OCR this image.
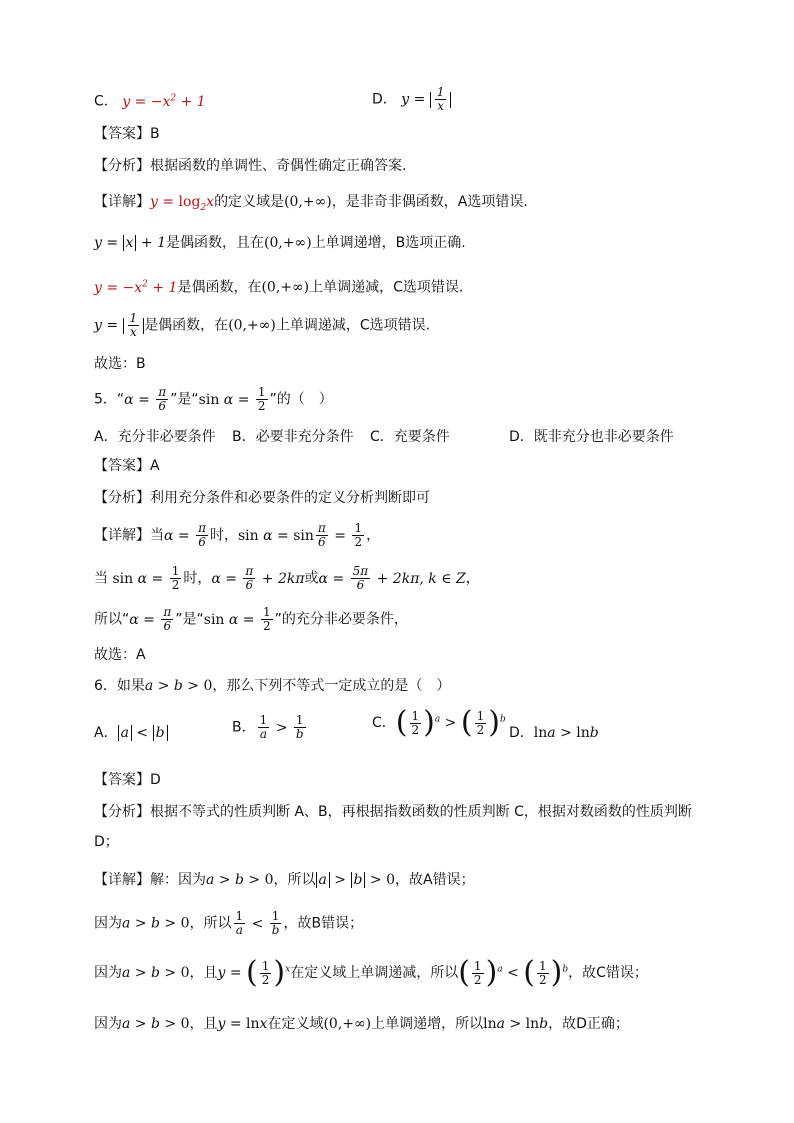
C． $y = -x^2 + 1$	D． $y = \frac{1}{x}$
【答案】B
【分析】根据函数的单调性、奇偶性确定正确答案.
【详解】$y = \log_2x$的定义域是(0,+∞)，是非奇非偶函数，A选项错误.
y = x + 1是偶函数，且在(0,+∞)上单调递增，B选项正确.
$y = -x^2 + 1$是偶函数，在(0,+∞)上单调递减，C选项错误.
$y = \frac{1}{x}$ 是偶函数，在(0,+∞)上单调递减，C选项错误.
故选：B
5．“$\alpha = \frac{\pi}{6}$ ”是“sin $\alpha = \frac{1}{2}$ ”的（　）
A．充分非必要条件 B．必要非充分条件 C．充要条件	D．既非充分也非必要条件
【答案】A
【分析】利用充分条件和必要条件的定义分析判断即可
【详解】当$\alpha = \frac{\pi}{6}$ 时，$\sin \alpha = \sin \frac{\pi}{6} = \frac{1}{2}$ ，
当 $\sin \alpha = \frac{1}{2}$ 时，$\alpha = \frac{\pi}{6} + 2k\pi$或$\alpha = \frac{5\pi}{6} + 2k\pi$, k ∈ Z，
所以“$\alpha = \frac{\pi}{6}$ ”是“sin $\alpha = \frac{1}{2}$ ”的充分非必要条件，
故选：A
6．如果a > b > 0，那么下列不等式一定成立的是（　）
A． a < b	B． $\frac{1}{a} > \frac{1}{b}$	C．( $\frac{1}{2} )^a$ > ( $\frac{1}{2} )^b$
D．lna > lnb
【答案】D
【分析】根据不等式的性质判断 A、B，再根据指数函数的性质判断 C，根据对数函数的性质判断
D；
【详解】解：因为a > b > 0，所以 a > b > 0，故A错误；
因为a > b > 0，所以 $\frac{1}{a} < \frac{1}{b}$ ，故B错误；
因为a > b > 0，且y = ( $\frac{1}{2} )^x$在定义域上单调递减，所以( $\frac{1}{2} )^a$ < ( $\frac{1}{2} )^b$，故C错误；
因为a > b > 0，且y = lnx在定义域(0,+∞)上单调递增，所以lna > lnb，故D正确；
